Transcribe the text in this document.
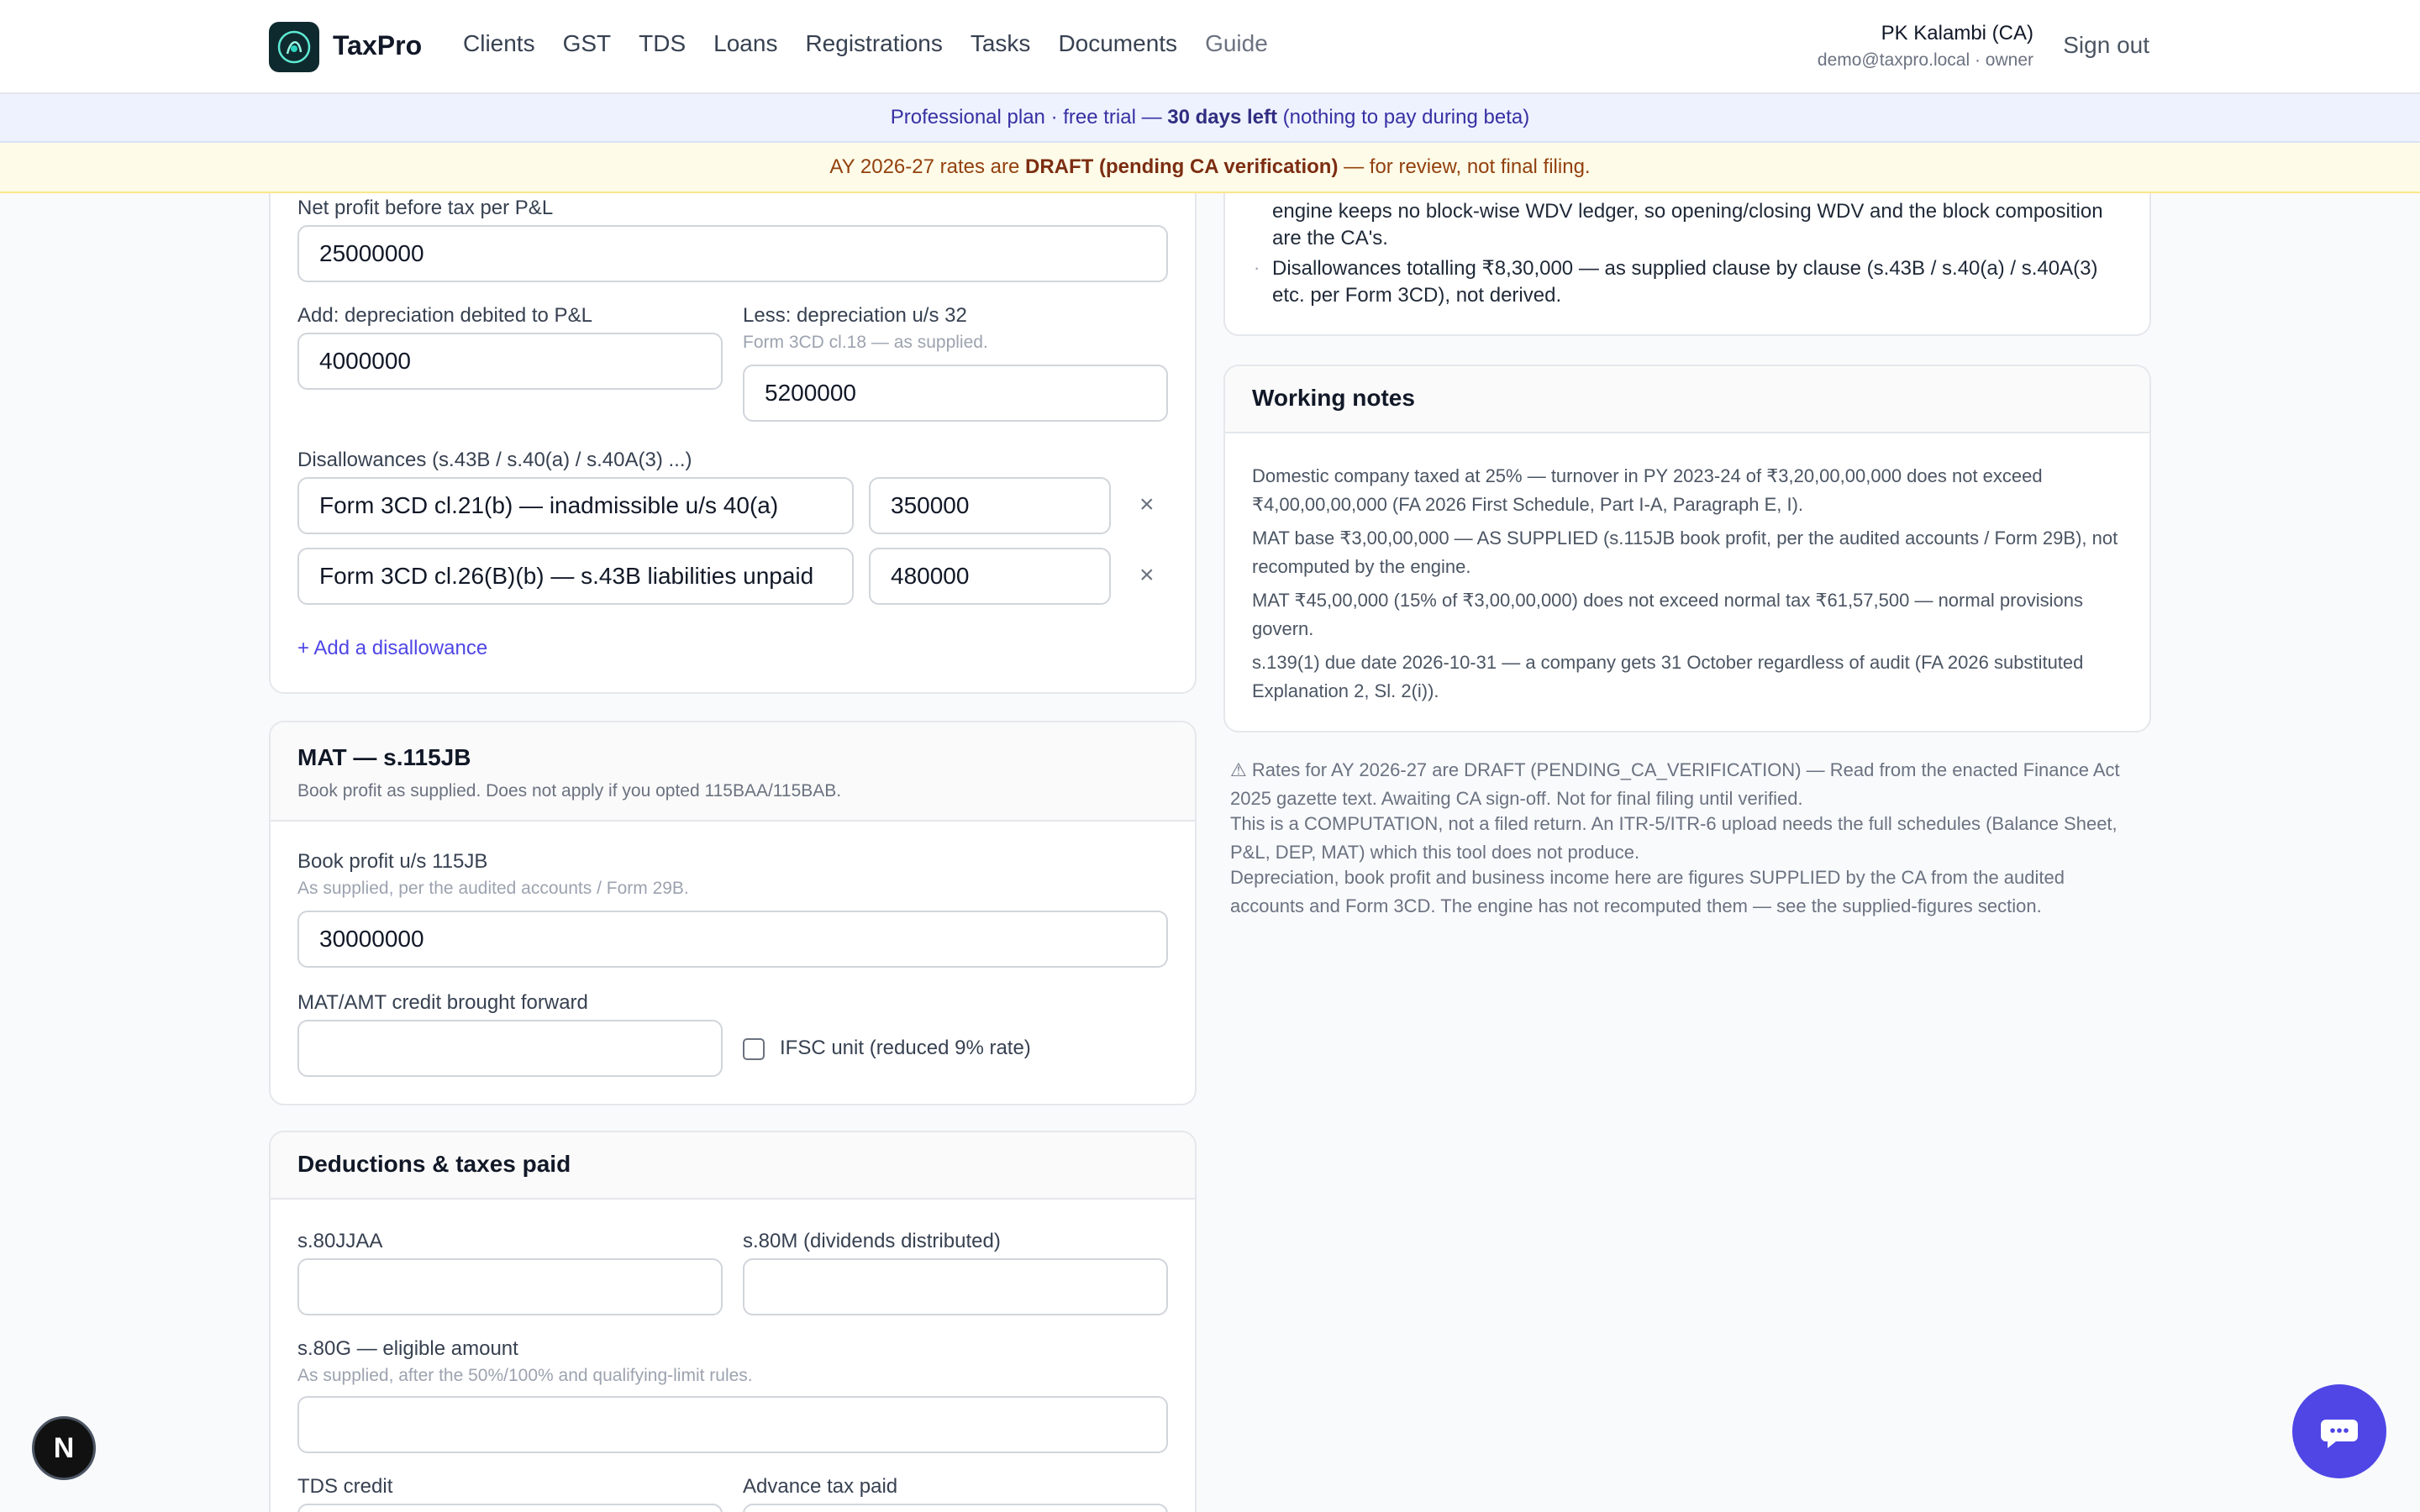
TaxPro Clients GST TDS Loans Registrations Tasks Documents Guide	PK Kalambi (CA)
demo@taxpro.local · owner
Sign out
Professional plan · free trial —
30 days left
(nothing to pay during beta)
AY 2026-27 rates are
DRAFT (pending CA verification)
— for review, not final filing.
Net profit before tax per P&L
25000000
Add: depreciation debited to P&L
4000000
Less: depreciation u/s 32
Form 3CD cl.18 — as supplied.
5200000
Disallowances (s.43B / s.40(a) / s.40A(3) ...)
Form 3CD cl.21(b) — inadmissible u/s 40(a)	350000	×
Form 3CD cl.26(B)(b) — s.43B liabilities unpaid	480000	×
+ Add a disallowance
MAT — s.115JB
Book profit as supplied. Does not apply if you opted 115BAA/115BAB.
Book profit u/s 115JB
As supplied, per the audited accounts / Form 29B.
30000000
MAT/AMT credit brought forward
IFSC unit (reduced 9% rate)
Deductions & taxes paid
s.80JJAA	s.80M (dividends distributed)
s.80G — eligible amount
As supplied, after the 50%/100% and qualifying-limit rules.
TDS credit	Advance tax paid
engine keeps no block-wise WDV ledger, so opening/closing WDV and the block composition are the CA's.
· Disallowances totalling ₹8,30,000 — as supplied clause by clause (s.43B / s.40(a) / s.40A(3) etc. per Form 3CD), not derived.
Working notes
Domestic company taxed at 25% — turnover in PY 2023-24 of ₹3,20,00,00,000 does not exceed ₹4,00,00,00,000 (FA 2026 First Schedule, Part I-A, Paragraph E, I).
MAT base ₹3,00,00,000 — AS SUPPLIED (s.115JB book profit, per the audited accounts / Form 29B), not recomputed by the engine.
MAT ₹45,00,000 (15% of ₹3,00,00,000) does not exceed normal tax ₹61,57,500 — normal provisions govern.
s.139(1) due date 2026-10-31 — a company gets 31 October regardless of audit (FA 2026 substituted Explanation 2, Sl. 2(i)).
⚠ Rates for AY 2026-27 are DRAFT (PENDING_CA_VERIFICATION) — Read from the enacted Finance Act 2025 gazette text. Awaiting CA sign-off. Not for final filing until verified.
This is a COMPUTATION, not a filed return. An ITR-5/ITR-6 upload needs the full schedules (Balance Sheet, P&L, DEP, MAT) which this tool does not produce.
Depreciation, book profit and business income here are figures SUPPLIED by the CA from the audited accounts and Form 3CD. The engine has not recomputed them — see the supplied-figures section.
N
